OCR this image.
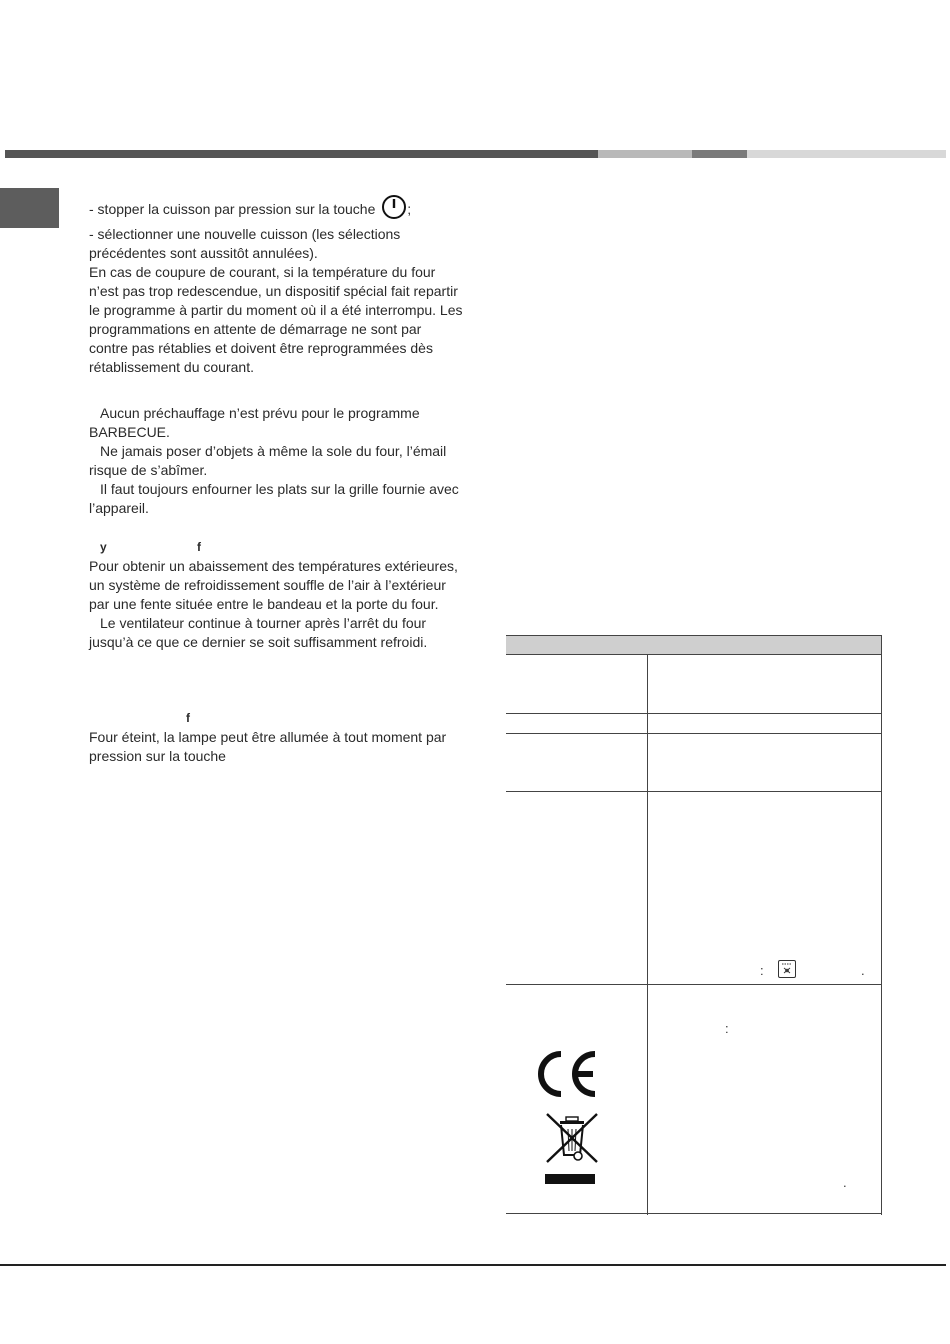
- stopper la cuisson par pression sur la touche ;

- sélectionner une nouvelle cuisson (les sélections précédentes sont aussitôt annulées).

En cas de coupure de courant, si la température du four n’est pas trop redescendue, un dispositif spécial fait repartir le programme à partir du moment où il a été interrompu. Les programmations en attente de démarrage ne sont par contre pas rétablies et doivent être reprogrammées dès rétablissement du courant.

Aucun préchauffage n’est prévu pour le programme BARBECUE.

Ne jamais poser d’objets à même la sole du four, l’émail risque de s’abîmer.

Il faut toujours enfourner les plats sur la grille fournie avec l’appareil.

y	f

Pour obtenir un abaissement des températures extérieures, un système de refroidissement souffle de l’air à l’extérieur par une fente située entre le bandeau et la porte du four.

Le ventilateur continue à tourner après l’arrêt du four jusqu’à ce que ce dernier se soit suffisamment refroidi.

f

Four éteint, la lampe peut être allumée à tout moment par pression sur la touche

:	.
:
.
